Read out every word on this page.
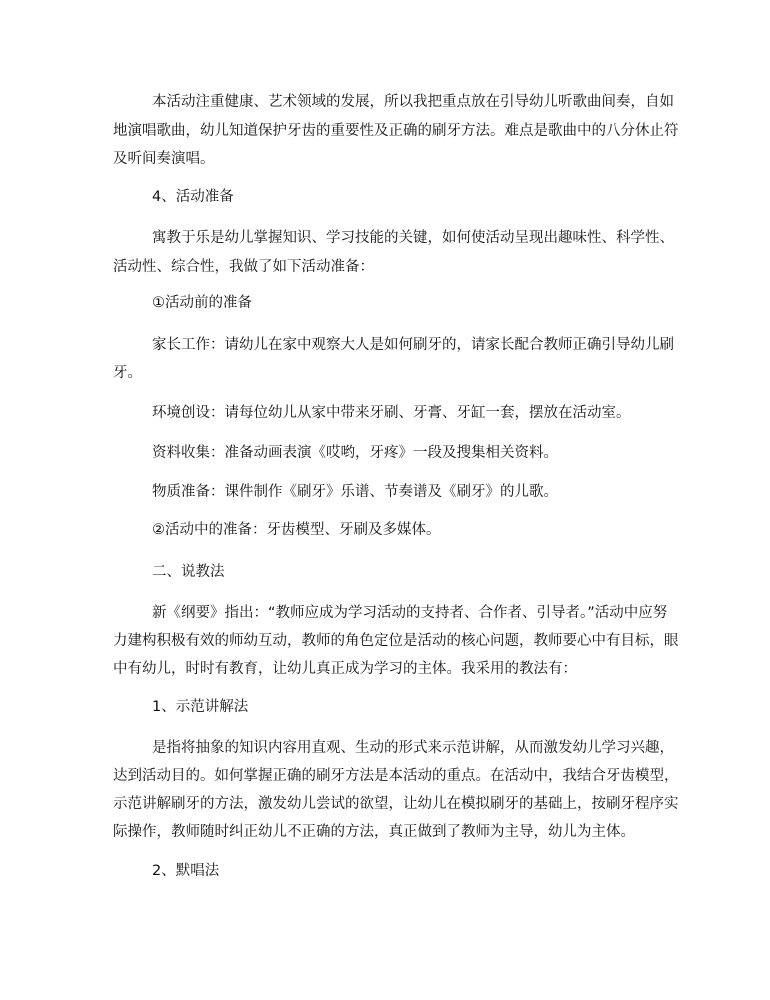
本活动注重健康、艺术领域的发展，所以我把重点放在引导幼儿听歌曲间奏，自如
地演唱歌曲，幼儿知道保护牙齿的重要性及正确的刷牙方法。难点是歌曲中的八分休止符
及听间奏演唱。
4、活动准备
寓教于乐是幼儿掌握知识、学习技能的关键，如何使活动呈现出趣味性、科学性、
活动性、综合性，我做了如下活动准备：
①活动前的准备
家长工作：请幼儿在家中观察大人是如何刷牙的，请家长配合教师正确引导幼儿刷
牙。
环境创设：请每位幼儿从家中带来牙刷、牙膏、牙缸一套，摆放在活动室。
资料收集：准备动画表演《哎哟，牙疼》一段及搜集相关资料。
物质准备：课件制作《刷牙》乐谱、节奏谱及《刷牙》的儿歌。
②活动中的准备：牙齿模型、牙刷及多媒体。
二、说教法
新《纲要》指出：“教师应成为学习活动的支持者、合作者、引导者。”活动中应努
力建构积极有效的师幼互动，教师的角色定位是活动的核心问题，教师要心中有目标，眼
中有幼儿，时时有教育，让幼儿真正成为学习的主体。我采用的教法有：
1、示范讲解法
是指将抽象的知识内容用直观、生动的形式来示范讲解，从而激发幼儿学习兴趣，
达到活动目的。如何掌握正确的刷牙方法是本活动的重点。在活动中，我结合牙齿模型，
示范讲解刷牙的方法，激发幼儿尝试的欲望，让幼儿在模拟刷牙的基础上，按刷牙程序实
际操作，教师随时纠正幼儿不正确的方法，真正做到了教师为主导，幼儿为主体。
2、默唱法
